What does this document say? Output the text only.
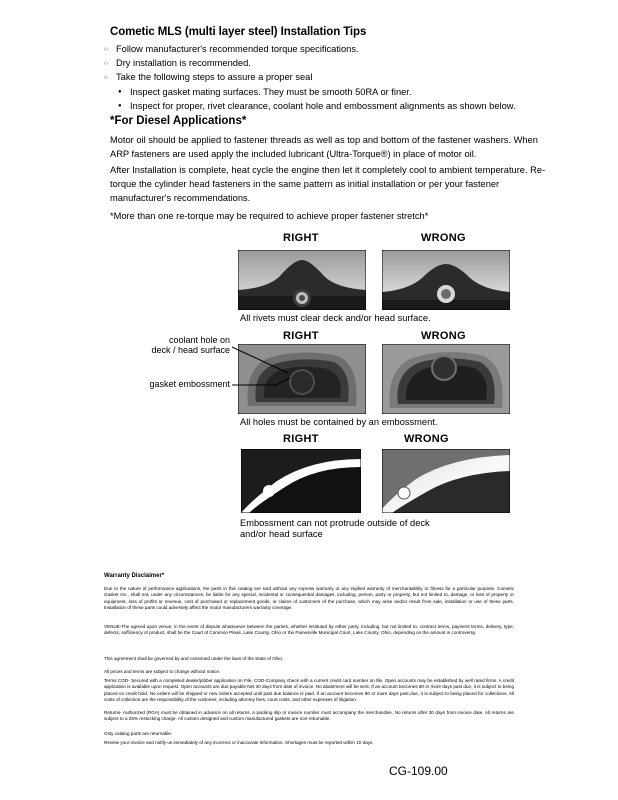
Cometic MLS (multi layer steel) Installation Tips
○ Follow manufacturer's recommended torque specifications.
○ Dry installation is recommended.
○ Take the following steps to assure a proper seal
● Inspect gasket mating surfaces. They must be smooth 50RA or finer.
● Inspect for proper, rivet clearance, coolant hole and embossment alignments as shown below.
*For Diesel Applications*
Motor oil should be applied to fastener threads as well as top and bottom of the fastener washers. When ARP fasteners are used apply the included lubricant (Ultra-Torque®) in place of motor oil.
After Installation is complete, heat cycle the engine then let it completely cool to ambient temperature. Re-torque the cylinder head fasteners in the same pattern as initial installation or per your fastener manufacturer's recommendations.
*More than one re-torque may be required to achieve proper fastener stretch*
RIGHT	WRONG
All rivets must clear deck and/or head surface.
RIGHT	WRONG
coolant hole on
deck / head surface
gasket embossment
All holes must be contained by an embossment.
RIGHT	WRONG
Embossment can not protrude outside of deck
and/or head surface
Warranty Disclaimer*
Due to the nature of performance applications, the parts in this catalog are sold without any express warranty or any implied warranty of merchantability or fitness for a particular purpose. Cometic Gasket Inc., shall not, under any circumstances, be liable for any special, incidental or consequential damages, including, person, party or property, but not limited to, damage, or loss of property or equipment, loss of profits or revenue, cost of purchased or replacement goods, or claims of customers of the purchase, which may arise and/or result from sale, installation or use of these parts. Installation of these parts could adversely affect the motor manufacturers warranty coverage.
VENUE-The agreed upon venue, in the event of dispute whatsoever between the parties, whether instituted by either party, including, but not limited to, contract terms, payment terms, delivery, type, defects, sufficiency of product, shall be the Court of Common Pleas, Lake County, Ohio or the Painesville Municipal Court, Lake County, Ohio, depending on the amount in controversy.
This agreement shall be governed by and construed under the laws of the State of Ohio.
All prices and terms are subject to change without notice.
Terms COD- Secured with a completed dealer/jobber application on File, COD-Company check with a current credit card number on file. Open accounts may be established by well rated firms. A credit application is available upon request. Open accounts are due payable Net 30 days from date of invoice. No abatement will be sent. If an account becomes 60 or more days past due, it is subject to being placed on credit hold. No orders will be shipped or new orders accepted until past due balance is paid. If an account becomes 90 or more days past due, it is subject to being placed for collections. All costs of collection are the responsibility of the customer, including attorney fees, court costs, and other expenses of litigation.
Returns- Authorized (RGA) must be obtained in advance on all returns. A packing slip or invoice number must accompany the merchandise. No returns after 30 days from invoice date. All returns are subject to a 25% restocking charge. All custom designed and custom manufactured gaskets are non-returnable.
Only catalog parts are returnable.
Review your invoice and notify us immediately of any incorrect or inaccurate information. Shortages must be reported within 10 days.
CG-109.00
